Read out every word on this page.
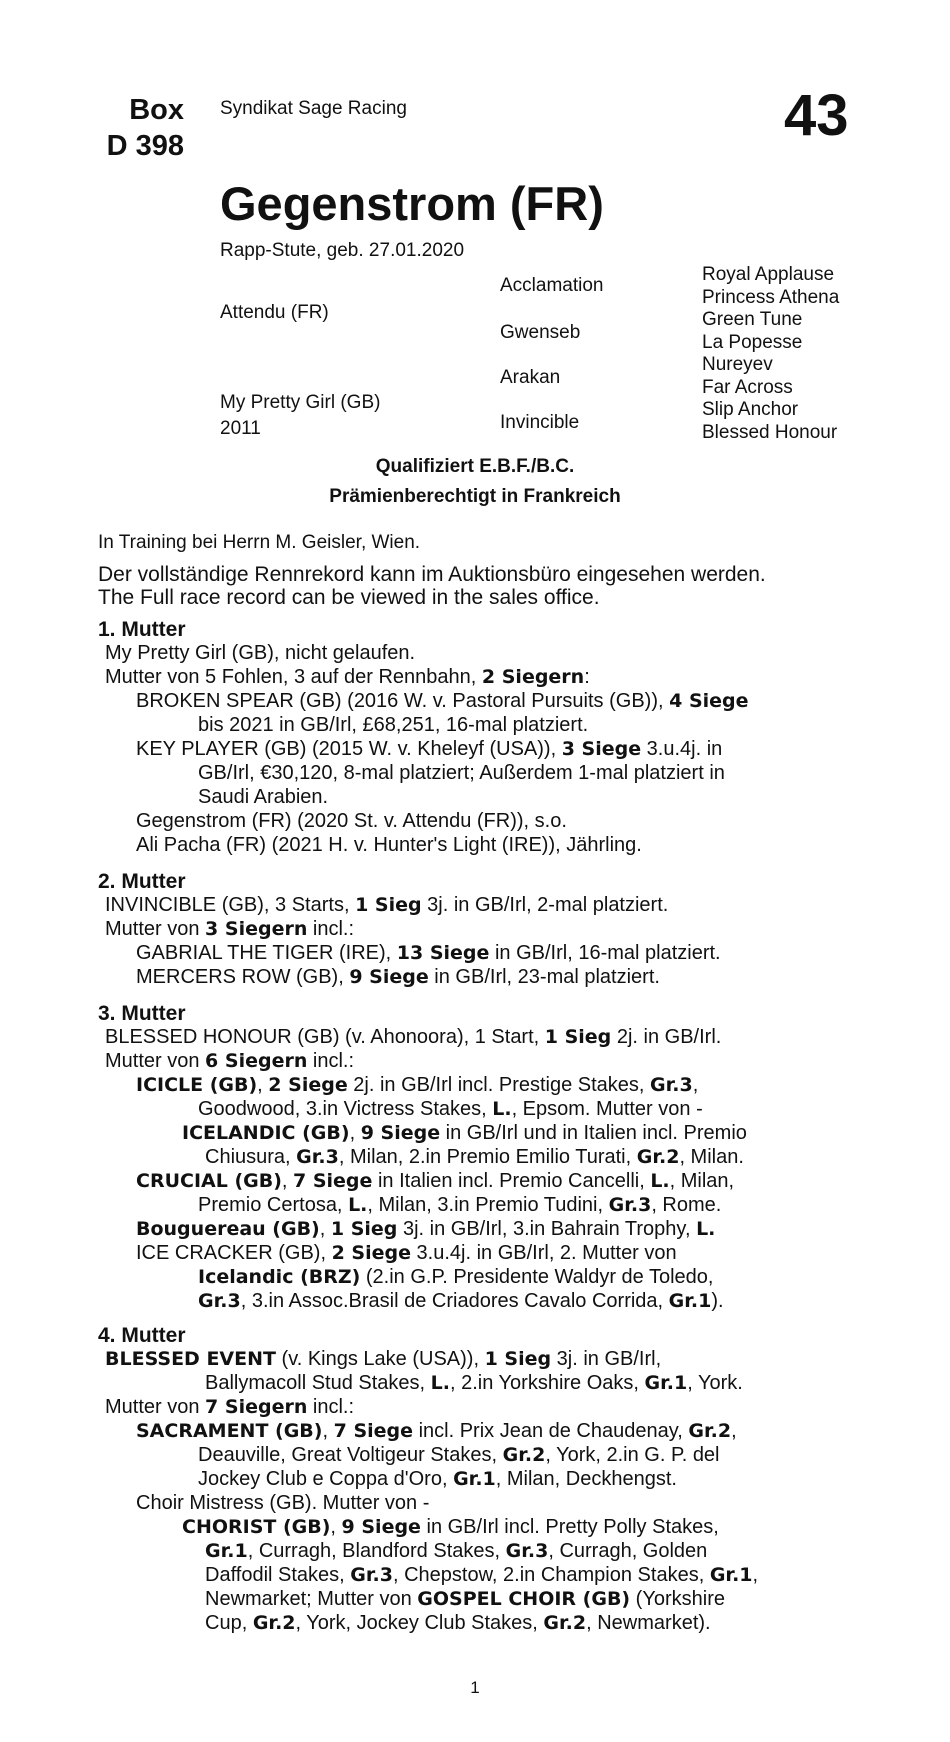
Box
D 398
Syndikat Sage Racing	43
Gegenstrom (FR)
Rapp-Stute, geb. 27.01.2020
Attendu (FR)
My Pretty Girl (GB)
2011
Acclamation
Gwenseb
Arakan
Invincible
Royal Applause
Princess Athena
Green Tune
La Popesse
Nureyev
Far Across
Slip Anchor
Blessed Honour
Qualifiziert E.B.F./B.C.
Prämienberechtigt in Frankreich
In Training bei Herrn M. Geisler, Wien.
Der vollständige Rennrekord kann im Auktionsbüro eingesehen werden.
The Full race record can be viewed in the sales office.
1. Mutter
My Pretty Girl (GB), nicht gelaufen.
Mutter von 5 Fohlen, 3 auf der Rennbahn, 2 Siegern:
BROKEN SPEAR (GB) (2016 W. v. Pastoral Pursuits (GB)), 4 Siege
bis 2021 in GB/Irl, £68,251, 16-mal platziert.
KEY PLAYER (GB) (2015 W. v. Kheleyf (USA)), 3 Siege 3.u.4j. in
GB/Irl, €30,120, 8-mal platziert; Außerdem 1-mal platziert in
Saudi Arabien.
Gegenstrom (FR) (2020 St. v. Attendu (FR)), s.o.
Ali Pacha (FR) (2021 H. v. Hunter's Light (IRE)), Jährling.
2. Mutter
INVINCIBLE (GB), 3 Starts, 1 Sieg 3j. in GB/Irl, 2-mal platziert.
Mutter von 3 Siegern incl.:
GABRIAL THE TIGER (IRE), 13 Siege in GB/Irl, 16-mal platziert.
MERCERS ROW (GB), 9 Siege in GB/Irl, 23-mal platziert.
3. Mutter
BLESSED HONOUR (GB) (v. Ahonoora), 1 Start, 1 Sieg 2j. in GB/Irl.
Mutter von 6 Siegern incl.:
ICICLE (GB), 2 Siege 2j. in GB/Irl incl. Prestige Stakes, Gr.3,
Goodwood, 3.in Victress Stakes, L., Epsom. Mutter von -
ICELANDIC (GB), 9 Siege in GB/Irl und in Italien incl. Premio
Chiusura, Gr.3, Milan, 2.in Premio Emilio Turati, Gr.2, Milan.
CRUCIAL (GB), 7 Siege in Italien incl. Premio Cancelli, L., Milan,
Premio Certosa, L., Milan, 3.in Premio Tudini, Gr.3, Rome.
Bouguereau (GB), 1 Sieg 3j. in GB/Irl, 3.in Bahrain Trophy, L.
ICE CRACKER (GB), 2 Siege 3.u.4j. in GB/Irl, 2. Mutter von
Icelandic (BRZ) (2.in G.P. Presidente Waldyr de Toledo,
Gr.3, 3.in Assoc.Brasil de Criadores Cavalo Corrida, Gr.1).
4. Mutter
BLESSED EVENT (v. Kings Lake (USA)), 1 Sieg 3j. in GB/Irl,
Ballymacoll Stud Stakes, L., 2.in Yorkshire Oaks, Gr.1, York.
Mutter von 7 Siegern incl.:
SACRAMENT (GB), 7 Siege incl. Prix Jean de Chaudenay, Gr.2,
Deauville, Great Voltigeur Stakes, Gr.2, York, 2.in G. P. del
Jockey Club e Coppa d'Oro, Gr.1, Milan, Deckhengst.
Choir Mistress (GB). Mutter von -
CHORIST (GB), 9 Siege in GB/Irl incl. Pretty Polly Stakes,
Gr.1, Curragh, Blandford Stakes, Gr.3, Curragh, Golden
Daffodil Stakes, Gr.3, Chepstow, 2.in Champion Stakes, Gr.1,
Newmarket; Mutter von GOSPEL CHOIR (GB) (Yorkshire
Cup, Gr.2, York, Jockey Club Stakes, Gr.2, Newmarket).
1
